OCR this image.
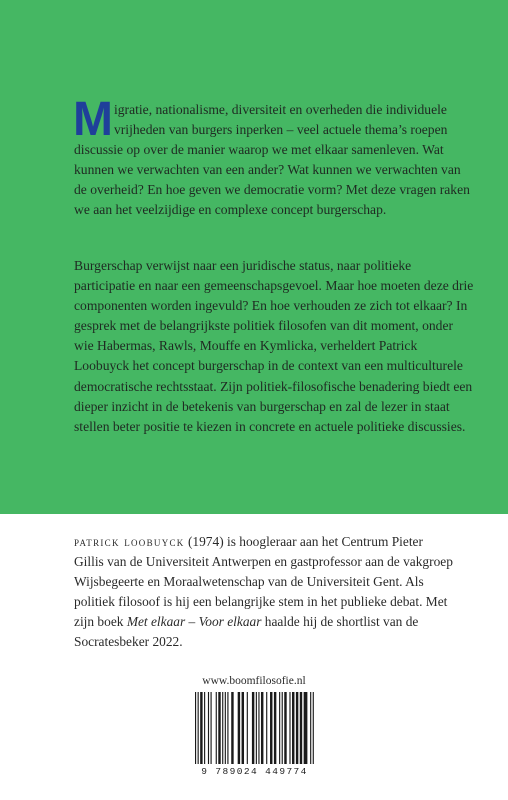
Migratie, nationalisme, diversiteit en overheden die individuele vrijheden van burgers inperken – veel actuele thema’s roepen discussie op over de manier waarop we met elkaar samenleven. Wat kunnen we verwachten van een ander? Wat kunnen we verwachten van de overheid? En hoe geven we democratie vorm? Met deze vragen raken we aan het veelzijdige en complexe concept burgerschap.

Burgerschap verwijst naar een juridische status, naar politieke participatie en naar een gemeenschapsgevoel. Maar hoe moeten deze drie componenten worden ingevuld? En hoe verhouden ze zich tot elkaar? In gesprek met de belangrijkste politiek filosofen van dit moment, onder wie Habermas, Rawls, Mouffe en Kymlicka, verheldert Patrick Loobuyck het concept burgerschap in de context van een multiculturele democratische rechtsstaat. Zijn politiek-filosofische benadering biedt een dieper inzicht in de betekenis van burgerschap en zal de lezer in staat stellen beter positie te kiezen in concrete en actuele politieke discussies.

patrick loobuyck (1974) is hoogleraar aan het Centrum Pieter Gillis van de Universiteit Antwerpen en gastprofessor aan de vakgroep Wijsbegeerte en Moraalwetenschap van de Universiteit Gent. Als politiek filosoof is hij een belangrijke stem in het publieke debat. Met zijn boek Met elkaar – Voor elkaar haalde hij de shortlist van de Socratesbeker 2022.

www.boomfilosofie.nl
9 789024 449774
